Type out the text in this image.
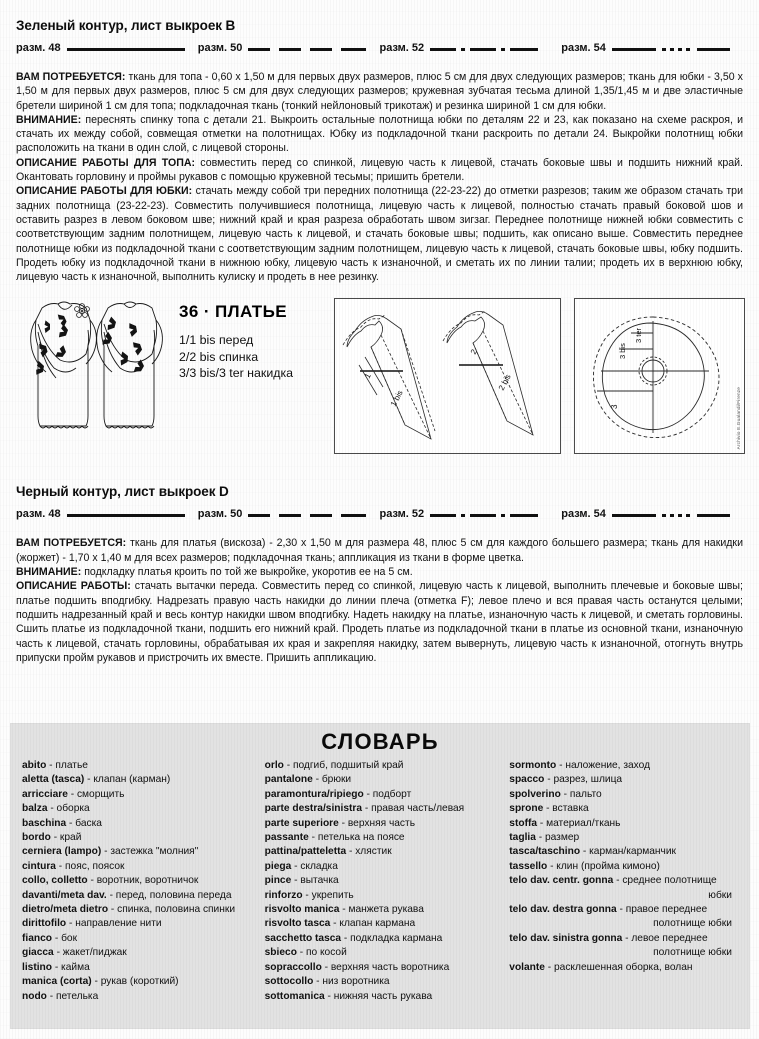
Зеленый контур, лист выкроек B
разм. 48	разм. 50	разм. 52	разм. 54

ВАМ ПОТРЕБУЕТСЯ: ткань для топа - 0,60 х 1,50 м для первых двух размеров, плюс 5 см для двух следующих размеров; ткань для юбки - 3,50 х 1,50 м для первых двух размеров, плюс 5 см для двух следующих размеров; кружевная зубчатая тесьма длиной 1,35/1,45 м и две эластичные бретели шириной 1 см для топа; подкладочная ткань (тонкий нейлоновый трикотаж) и резинка шириной 1 см для юбки.

ВНИМАНИЕ: переснять спинку топа с детали 21. Выкроить остальные полотнища юбки по деталям 22 и 23, как показано на схеме раскроя, и стачать их между собой, совмещая отметки на полотнищах. Юбку из подкладочной ткани раскроить по детали 24. Выкройки полотнищ юбки расположить на ткани в один слой, с лицевой стороны.

ОПИСАНИЕ РАБОТЫ ДЛЯ ТОПА: совместить перед со спинкой, лицевую часть к лицевой, стачать боковые швы и подшить нижний край. Окантовать горловину и проймы рукавов с помощью кружевной тесьмы; пришить бретели.

ОПИСАНИЕ РАБОТЫ ДЛЯ ЮБКИ: стачать между собой три передних полотнища (22-23-22) до отметки разрезов; таким же образом стачать три задних полотнища (23-22-23). Совместить получившиеся полотнища, лицевую часть к лицевой, полностью стачать правый боковой шов и оставить разрез в левом боковом шве; нижний край и края разреза обработать швом зигзаг. Переднее полотнище нижней юбки совместить с соответствующим задним полотнищем, лицевую часть к лицевой, и стачать боковые швы; подшить, как описано выше. Совместить переднее полотнище юбки из подкладочной ткани с соответствующим задним полотнищем, лицевую часть к лицевой, стачать боковые швы, юбку подшить. Продеть юбку из подкладочной ткани в нижнюю юбку, лицевую часть к изнаночной, и сметать их по линии талии; продеть их в верхнюю юбку, лицевую часть к изнаночной, выполнить кулиску и продеть в нее резинку.

36 · ПЛАТЬЕ
1/1 bis перед
2/2 bis спинка
3/3 bis/3 ter накидка	1
1 bis
2
2 bis
3 ter
3 bis
3	Archivio E.Gualandi/Firenze
Черный контур, лист выкроек D
разм. 48	разм. 50	разм. 52	разм. 54

ВАМ ПОТРЕБУЕТСЯ: ткань для платья (вискоза) - 2,30 х 1,50 м для размера 48, плюс 5 см для каждого большего размера; ткань для накидки (жоржет) - 1,70 х 1,40 м для всех размеров; подкладочная ткань; аппликация из ткани в форме цветка.

ВНИМАНИЕ: подкладку платья кроить по той же выкройке, укоротив ее на 5 см.

ОПИСАНИЕ РАБОТЫ: стачать вытачки переда. Совместить перед со спинкой, лицевую часть к лицевой, выполнить плечевые и боковые швы; платье подшить вподгибку. Надрезать правую часть накидки до линии плеча (отметка F); левое плечо и вся правая часть останутся целыми; подшить надрезанный край и весь контур накидки швом вподгибку. Надеть накидку на платье, изнаночную часть к лицевой, и сметать горловины. Сшить платье из подкладочной ткани, подшить его нижний край. Продеть платье из подкладочной ткани в платье из основной ткани, изнаночную часть к лицевой, стачать горловины, обрабатывая их края и закрепляя накидку, затем вывернуть, лицевую часть к изнаночной, отогнуть внутрь припуски пройм рукавов и пристрочить их вместе. Пришить аппликацию.

СЛОВАРЬ
abito - платье
aletta (tasca) - клапан (карман)
arricciare - сморщить
balza - оборка
baschina - баска
bordo - край
cerniera (lampo) - застежка "молния"
cintura - пояс, поясок
collo, colletto - воротник, воротничок
davanti/meta dav. - перед, половина переда
dietro/meta dietro - спинка, половина спинки
dirittofilo - направление нити
fianco - бок
giacca - жакет/пиджак
listino - кайма
manica (corta) - рукав (короткий)
nodo - петелька
orlo - подгиб, подшитый край
pantalone - брюки
paramontura/ripiego - подборт
parte destra/sinistra - правая часть/левая
parte superiore - верхняя часть
passante - петелька на поясе
pattina/patteletta - хлястик
piega - складка
pince - вытачка
rinforzo - укрепить
risvolto manica - манжета рукава
risvolto tasca - клапан кармана
sacchetto tasca - подкладка кармана
sbieco - по косой
sopraccollo - верхняя часть воротника
sottocollo - низ воротника
sottomanica - нижняя часть рукава
sormonto - наложение, заход
spacco - разрез, шлица
spolverino - пальто
sprone - вставка
stoffa - материал/ткань
taglia - размер
tasca/taschino - карман/карманчик
tassello - клин (пройма кимоно)
telo dav. centr. gonna - среднее полотнище
юбки
telo dav. destra gonna - правое переднее
полотнище юбки
telo dav. sinistra gonna - левое переднее
полотнище юбки
volante - расклешенная оборка, волан
